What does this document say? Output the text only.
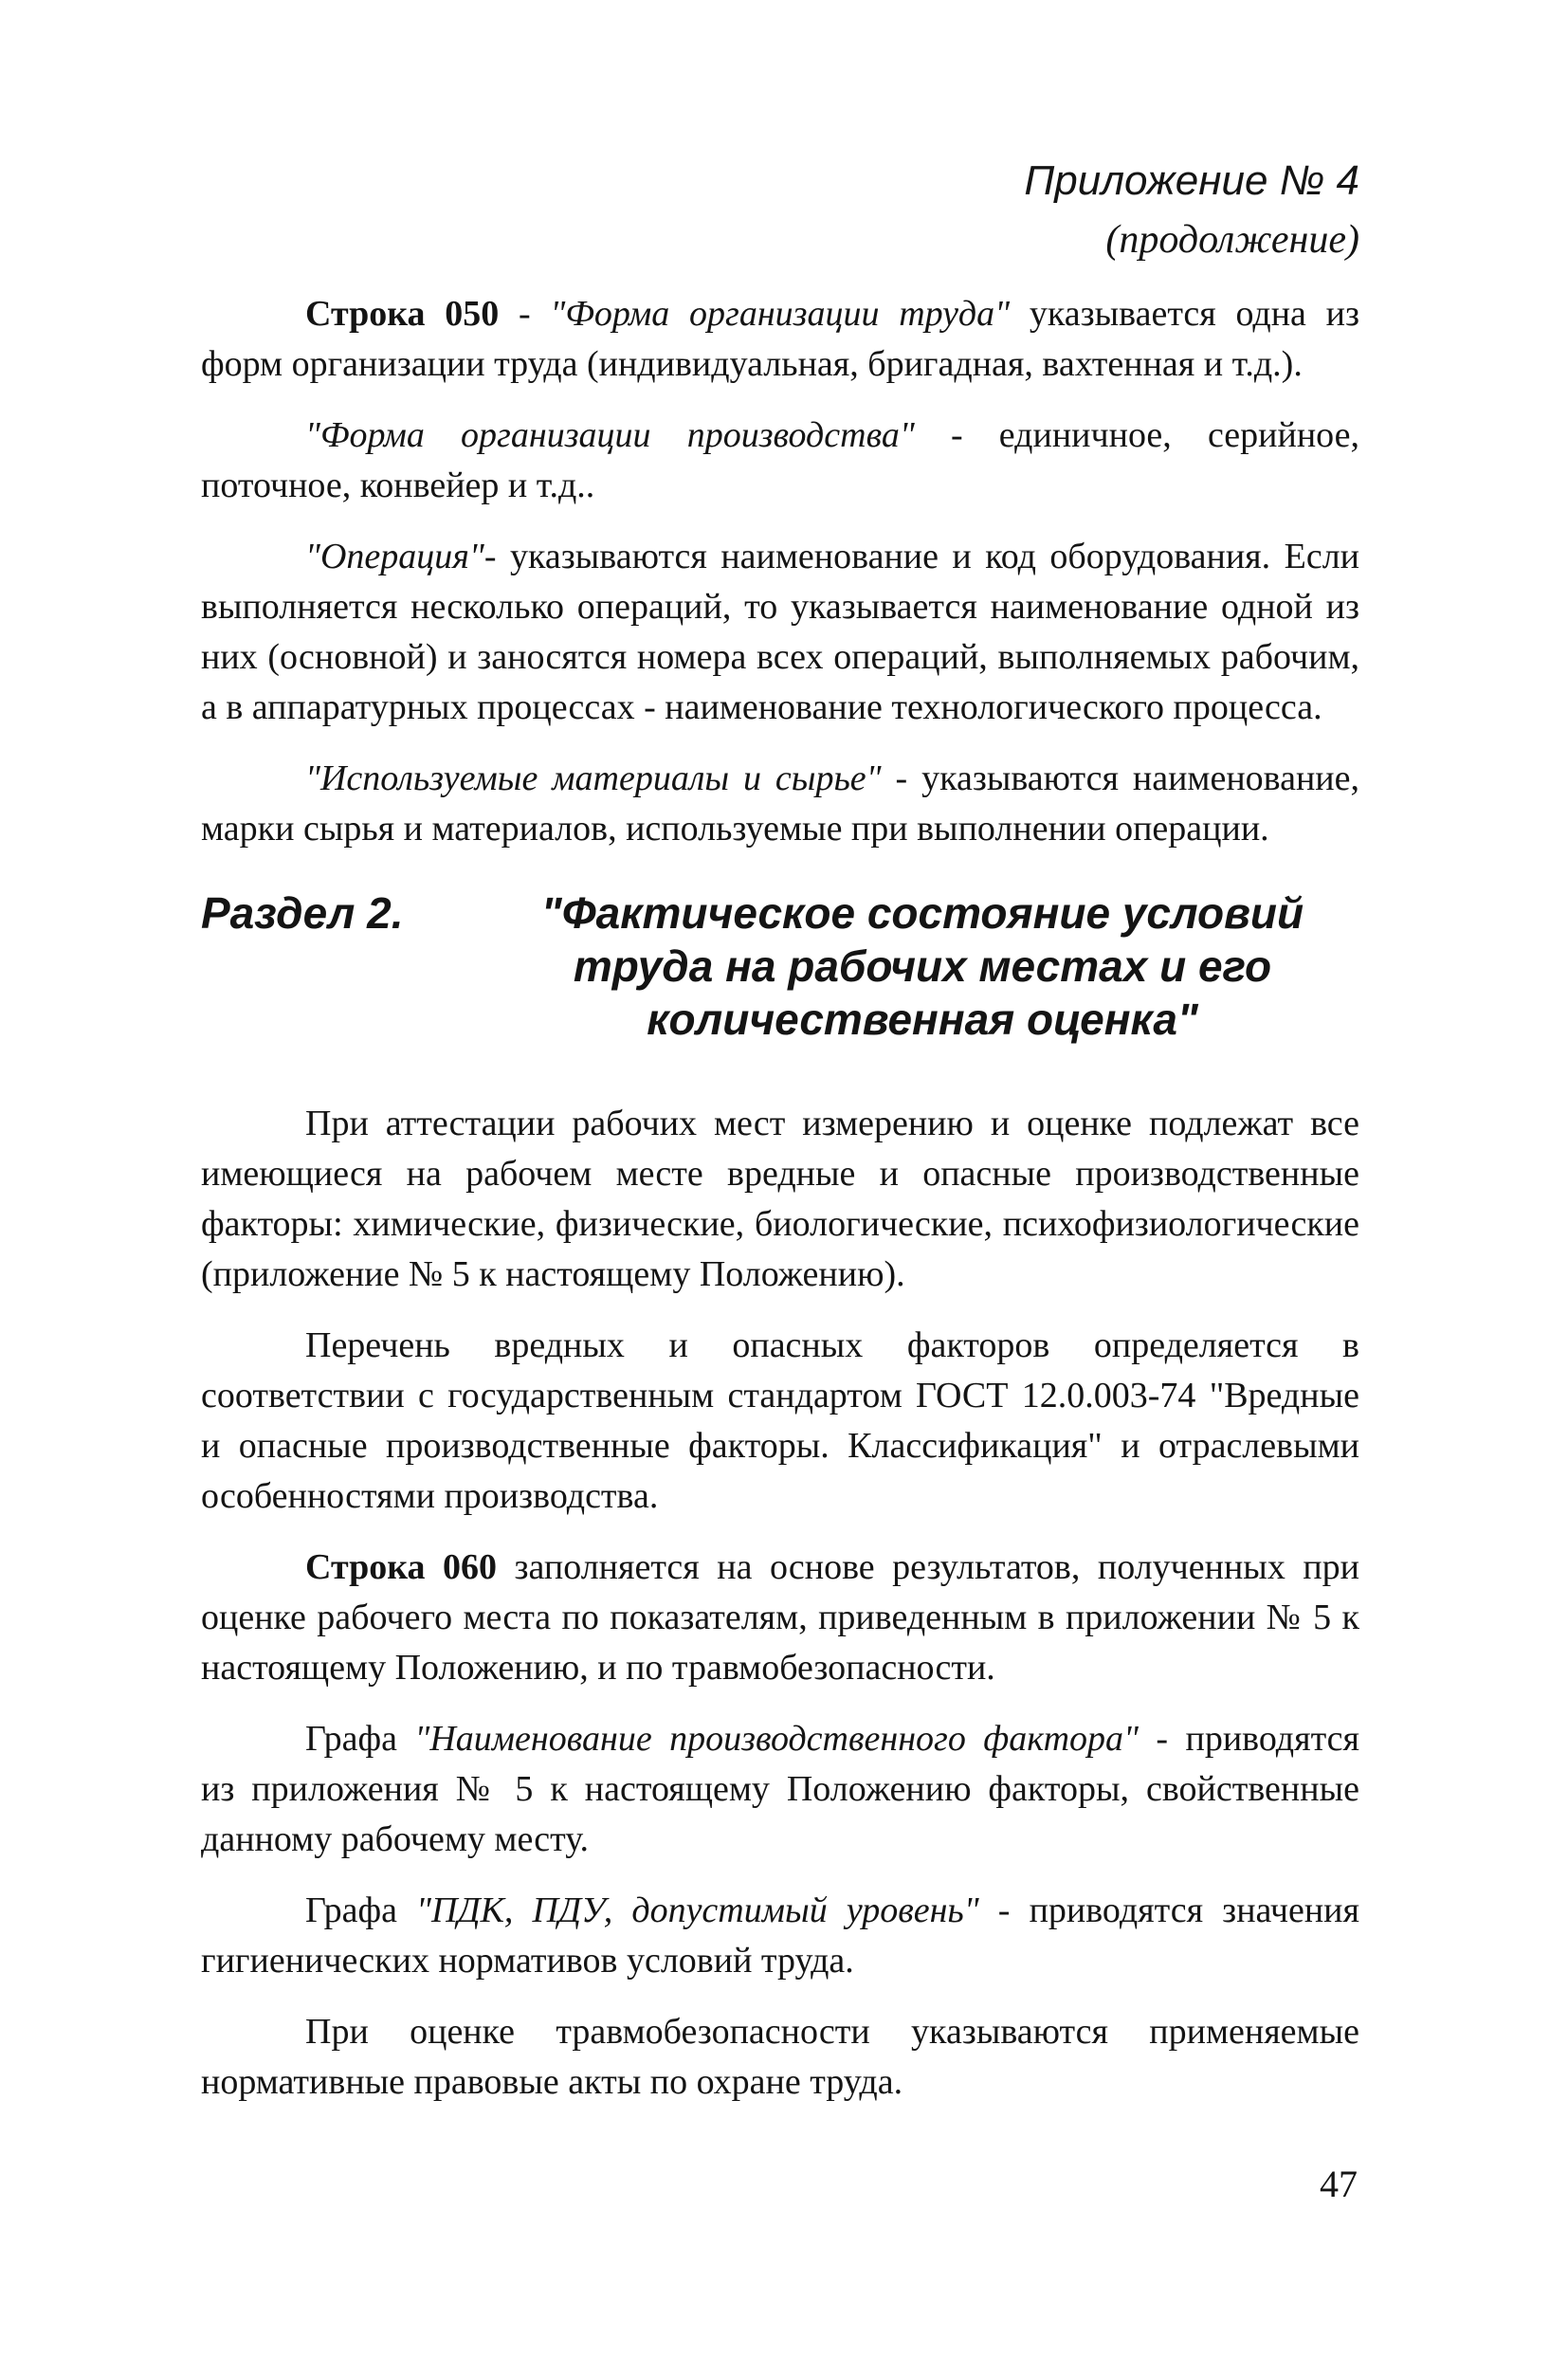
Приложение № 4
(продолжение)

Строка 050 - "Форма организации труда" указывается одна из форм организации труда (индивидуальная, бригадная, вахтенная и т.д.).

"Форма организации производства" - единичное, серийное, поточное, конвейер и т.д..

"Операция"- указываются наименование и код оборудования. Если выполняется несколько операций, то указывается наименование одной из них (основной) и заносятся номера всех операций, выполняемых рабочим, а в аппаратурных процессах - наименование технологического процесса.

"Используемые материалы и сырье" - указываются наименование, марки сырья и материалов, используемые при выполнении операции.

Раздел 2.	"Фактическое состояние условий труда на рабочих местах и его количественная оценка"

При аттестации рабочих мест измерению и оценке подлежат все имеющиеся на рабочем месте вредные и опасные производственные факторы: химические, физические, биологические, психофизиологические (приложение № 5 к настоящему Положению).

Перечень вредных и опасных факторов определяется в соответствии с государственным стандартом ГОСТ 12.0.003-74 "Вредные и опасные производственные факторы. Классификация" и отраслевыми особенностями производства.

Строка 060 заполняется на основе результатов, полученных при оценке рабочего места по показателям, приведенным в приложении № 5 к настоящему Положению, и по травмобезопасности.

Графа "Наименование производственного фактора" - приводятся из приложения № 5 к настоящему Положению факторы, свойственные данному рабочему месту.

Графа "ПДК, ПДУ, допустимый уровень" - приводятся значения гигиенических нормативов условий труда.

При оценке травмобезопасности указываются применяемые нормативные правовые акты по охране труда.

47
